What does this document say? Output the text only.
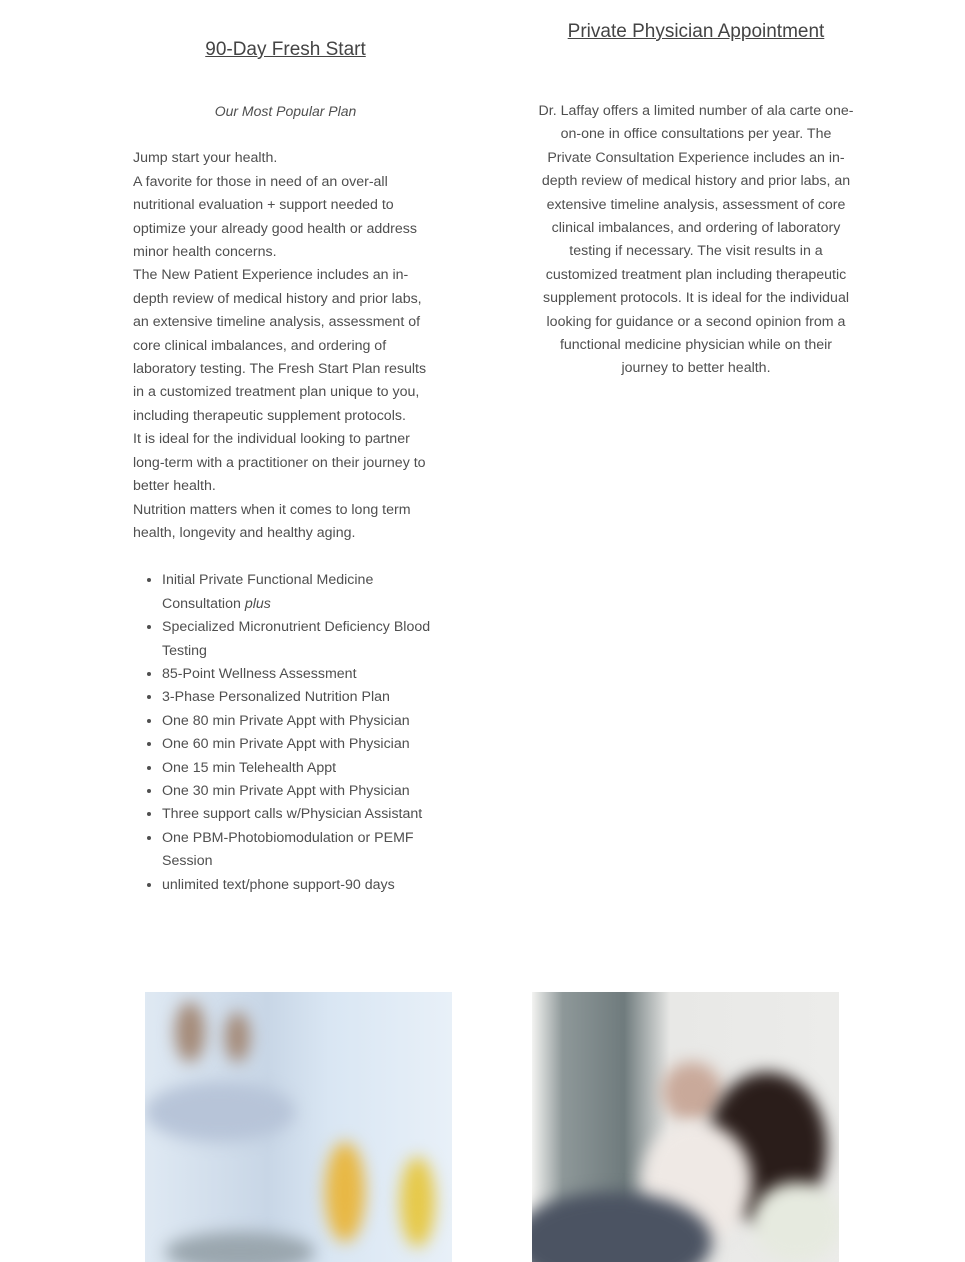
90-Day Fresh Start
Our Most Popular Plan

Jump start your health.

A favorite for those in need of an over-all nutritional evaluation + support needed to optimize your already good health or address minor health concerns.

The New Patient Experience includes an in-depth review of medical history and prior labs, an extensive timeline analysis, assessment of core clinical imbalances, and ordering of laboratory testing. The Fresh Start Plan results in a customized treatment plan unique to you, including therapeutic supplement protocols.

It is ideal for the individual looking to partner long-term with a practitioner on their journey to better health.

Nutrition matters when it comes to long term health, longevity and healthy aging.

• Initial Private Functional Medicine Consultation plus
• Specialized Micronutrient Deficiency Blood Testing
• 85-Point Wellness Assessment
• 3-Phase Personalized Nutrition Plan
• One 80 min Private Appt with Physician
• One 60 min Private Appt with Physician
• One 15 min Telehealth Appt
• One 30 min Private Appt with Physician
• Three support calls w/Physician Assistant
• One PBM-Photobiomodulation or PEMF Session
• unlimited text/phone support-90 days
Private Physician Appointment

Dr. Laffay offers a limited number of ala carte one-on-one in office consultations per year. The Private Consultation Experience includes an in-depth review of medical history and prior labs, an extensive timeline analysis, assessment of core clinical imbalances, and ordering of laboratory testing if necessary. The visit results in a customized treatment plan including therapeutic supplement protocols. It is ideal for the individual looking for guidance or a second opinion from a functional medicine physician while on their journey to better health.
